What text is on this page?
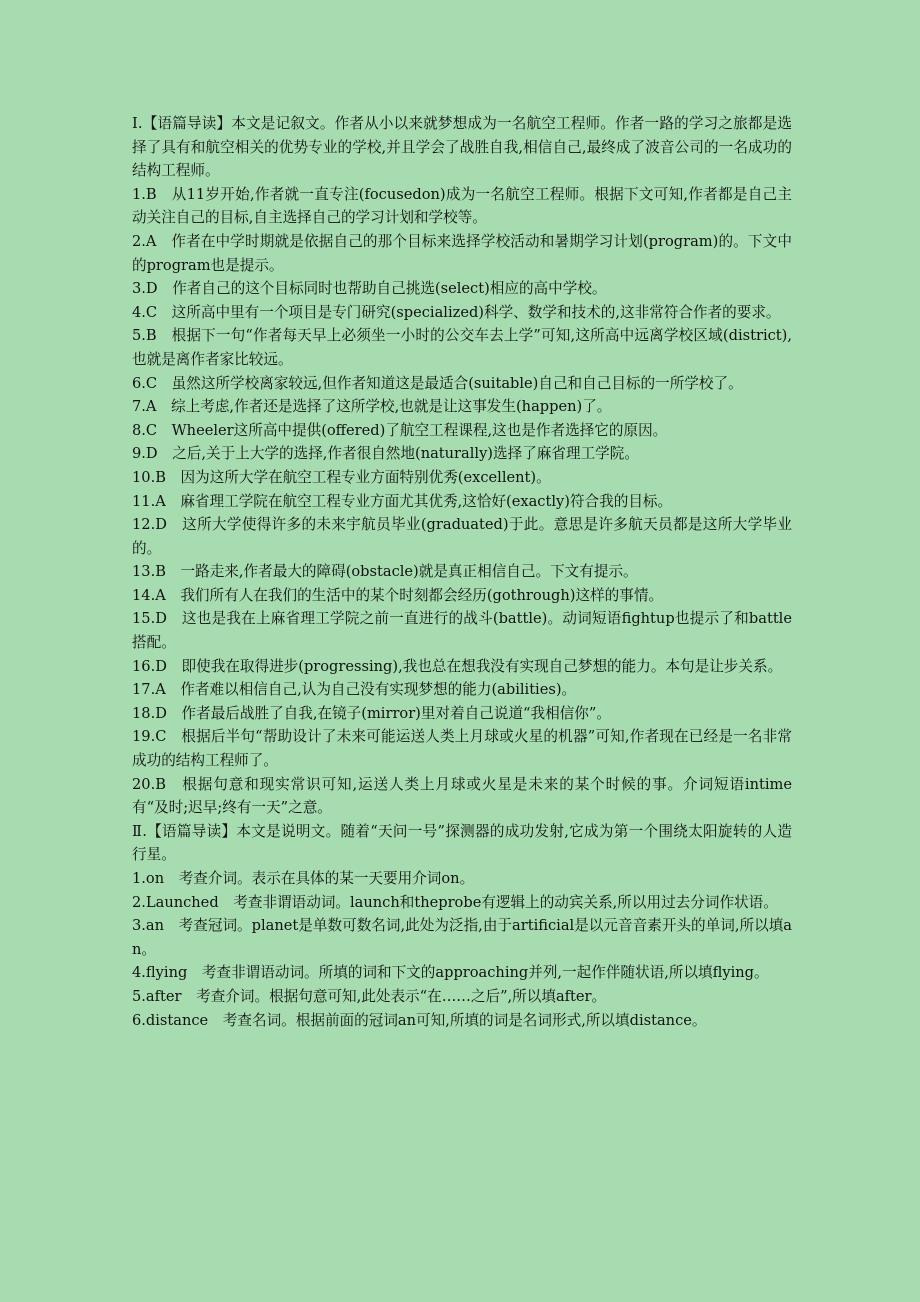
Ⅰ.【语篇导读】本文是记叙文。作者从小以来就梦想成为一名航空工程师。作者一路的学习之旅都是选择了具有和航空相关的优势专业的学校,并且学会了战胜自我,相信自己,最终成了波音公司的一名成功的结构工程师。

1.B　从11岁开始,作者就一直专注(focusedon)成为一名航空工程师。根据下文可知,作者都是自己主动关注自己的目标,自主选择自己的学习计划和学校等。

2.A　作者在中学时期就是依据自己的那个目标来选择学校活动和暑期学习计划(program)的。下文中的program也是提示。

3.D　作者自己的这个目标同时也帮助自己挑选(select)相应的高中学校。

4.C　这所高中里有一个项目是专门研究(specialized)科学、数学和技术的,这非常符合作者的要求。

5.B　根据下一句“作者每天早上必须坐一小时的公交车去上学”可知,这所高中远离学校区域(district),也就是离作者家比较远。

6.C　虽然这所学校离家较远,但作者知道这是最适合(suitable)自己和自己目标的一所学校了。

7.A　综上考虑,作者还是选择了这所学校,也就是让这事发生(happen)了。

8.C　Wheeler这所高中提供(offered)了航空工程课程,这也是作者选择它的原因。

9.D　之后,关于上大学的选择,作者很自然地(naturally)选择了麻省理工学院。

10.B　因为这所大学在航空工程专业方面特别优秀(excellent)。

11.A　麻省理工学院在航空工程专业方面尤其优秀,这恰好(exactly)符合我的目标。

12.D　这所大学使得许多的未来宇航员毕业(graduated)于此。意思是许多航天员都是这所大学毕业的。

13.B　一路走来,作者最大的障碍(obstacle)就是真正相信自己。下文有提示。

14.A　我们所有人在我们的生活中的某个时刻都会经历(gothrough)这样的事情。

15.D　这也是我在上麻省理工学院之前一直进行的战斗(battle)。动词短语fightup也提示了和battle搭配。

16.D　即使我在取得进步(progressing),我也总在想我没有实现自己梦想的能力。本句是让步关系。

17.A　作者难以相信自己,认为自己没有实现梦想的能力(abilities)。

18.D　作者最后战胜了自我,在镜子(mirror)里对着自己说道“我相信你”。

19.C　根据后半句“帮助设计了未来可能运送人类上月球或火星的机器”可知,作者现在已经是一名非常成功的结构工程师了。

20.B　根据句意和现实常识可知,运送人类上月球或火星是未来的某个时候的事。介词短语intime有“及时;迟早;终有一天”之意。

Ⅱ.【语篇导读】本文是说明文。随着“天问一号”探测器的成功发射,它成为第一个围绕太阳旋转的人造行星。

1.on　考查介词。表示在具体的某一天要用介词on。

2.Launched　考查非谓语动词。launch和theprobe有逻辑上的动宾关系,所以用过去分词作状语。

3.an　考查冠词。planet是单数可数名词,此处为泛指,由于artificial是以元音音素开头的单词,所以填an。

4.flying　考查非谓语动词。所填的词和下文的approaching并列,一起作伴随状语,所以填flying。

5.after　考查介词。根据句意可知,此处表示“在……之后”,所以填after。

6.distance　考查名词。根据前面的冠词an可知,所填的词是名词形式,所以填distance。
